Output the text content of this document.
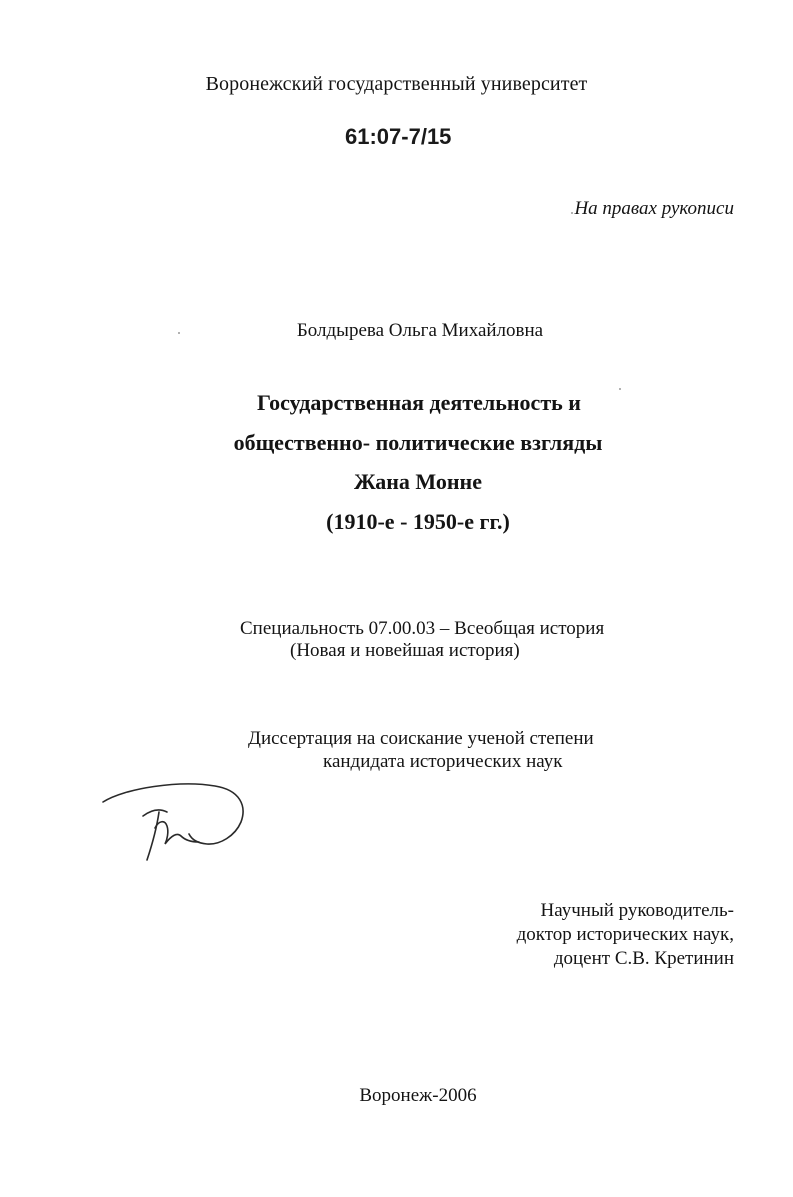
Воронежский государственный университет
61:07-7/15
На правах рукописи
Болдырева Ольга Михайловна
Государственная деятельность и
общественно- политические взгляды
Жана Монне
(1910-е - 1950-е гг.)
Специальность 07.00.03 – Всеобщая история
(Новая и новейшая история)
Диссертация на соискание ученой степени
кандидата исторических наук
Научный руководитель-
доктор исторических наук,
доцент С.В. Кретинин
Воронеж-2006
